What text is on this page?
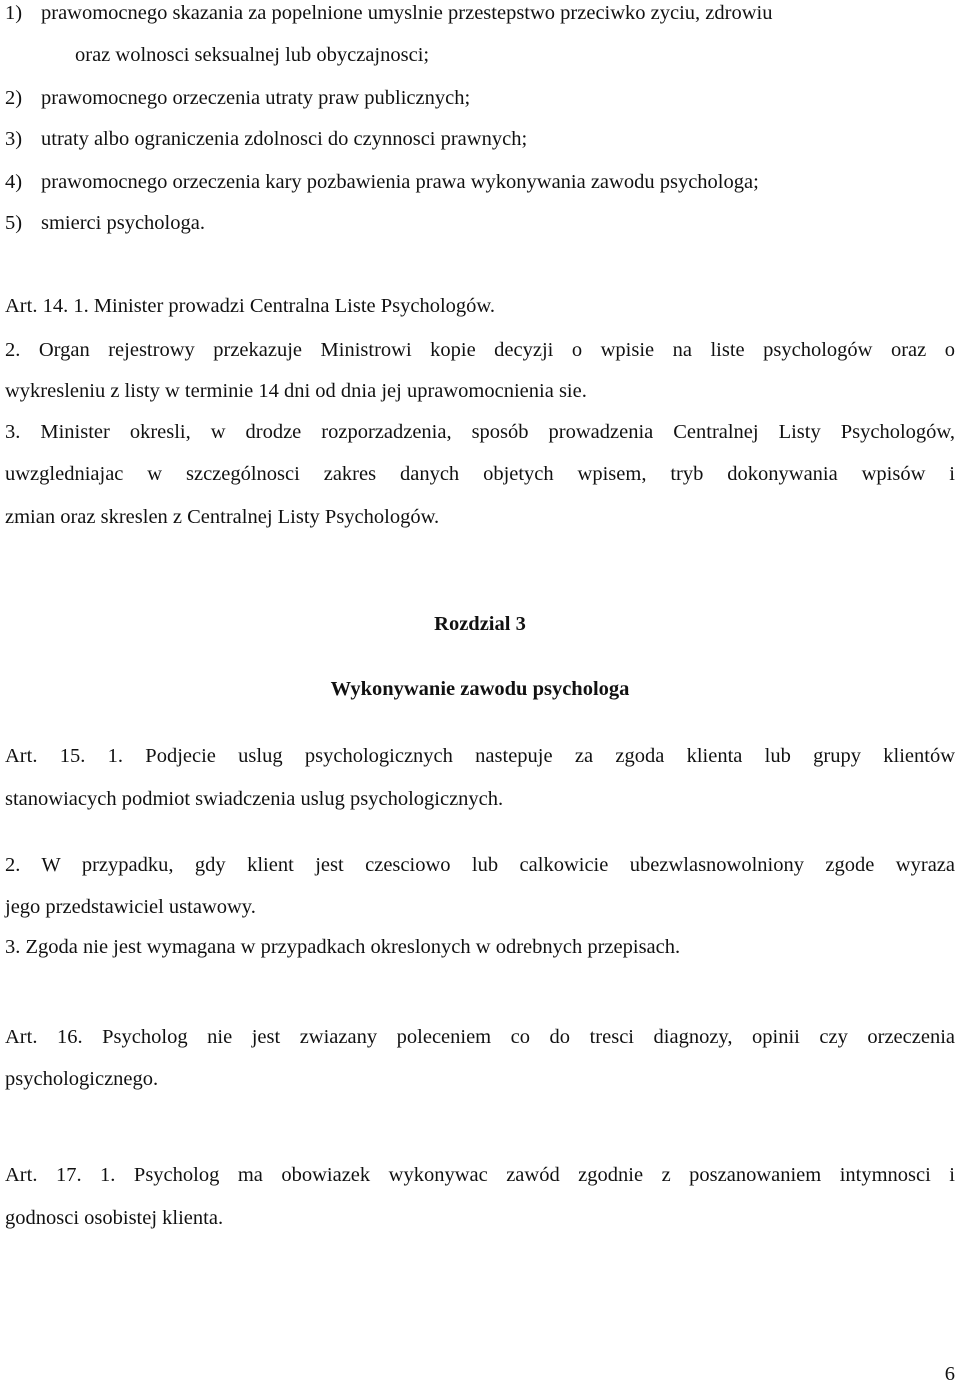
1) prawomocnego skazania za popelnione umyslnie przestepstwo przeciwko zyciu, zdrowiu
oraz wolnosci seksualnej lub obyczajnosci;
2) prawomocnego orzeczenia utraty praw publicznych;
3) utraty albo ograniczenia zdolnosci do czynnosci prawnych;
4) prawomocnego orzeczenia kary pozbawienia prawa wykonywania zawodu psychologa;
5) smierci psychologa.
Art. 14. 1. Minister prowadzi Centralna Liste Psychologów.
2. Organ rejestrowy przekazuje Ministrowi kopie decyzji o wpisie na liste psychologów oraz o
wykresleniu z listy w terminie 14 dni od dnia jej uprawomocnienia sie.
3. Minister okresli, w drodze rozporzadzenia, sposób prowadzenia Centralnej Listy Psychologów,
uwzgledniajac w szczególnosci zakres danych objetych wpisem, tryb dokonywania wpisów i
zmian oraz skreslen z Centralnej Listy Psychologów.
Rozdzial 3
Wykonywanie zawodu psychologa
Art. 15. 1. Podjecie uslug psychologicznych nastepuje za zgoda klienta lub grupy klientów
stanowiacych podmiot swiadczenia uslug psychologicznych.
2. W przypadku, gdy klient jest czesciowo lub calkowicie ubezwlasnowolniony zgode wyraza
jego przedstawiciel ustawowy.
3. Zgoda nie jest wymagana w przypadkach okreslonych w odrebnych przepisach.
Art. 16. Psycholog nie jest zwiazany poleceniem co do tresci diagnozy, opinii czy orzeczenia
psychologicznego.
Art. 17. 1. Psycholog ma obowiazek wykonywac zawód zgodnie z poszanowaniem intymnosci i
godnosci osobistej klienta.
6
